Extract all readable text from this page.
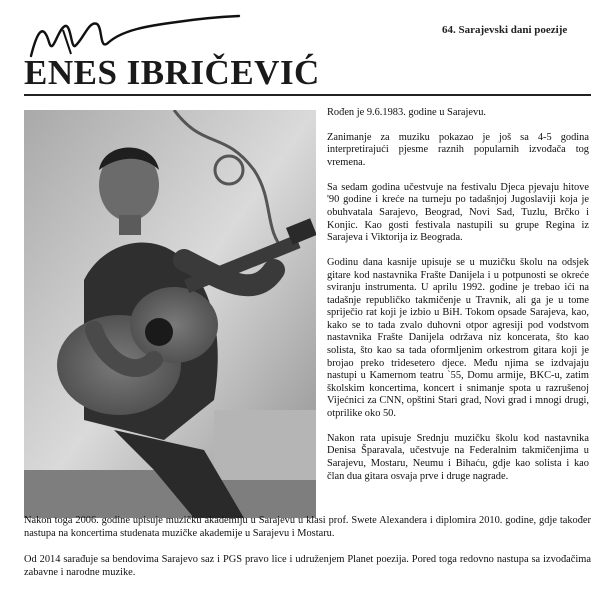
64. Sarajevski dani poezije
ENES IBRIČEVIĆ

Rođen je 9.6.1983. godine u Sarajevu.

Zanimanje za muziku pokazao je još sa 4-5 godina interpretirajući pjesme raznih popularnih izvođača tog vremena.

Sa sedam godina učestvuje na festivalu Djeca pjevaju hitove '90 godine i kreće na turneju po tadašnjoj Jugoslaviji koja je obuhvatala Sarajevo, Beograd, Novi Sad, Tuzlu, Brčko i Konjic. Kao gosti festivala nastupili su grupe Regina iz Sarajeva i Viktorija iz Beograda.

Godinu dana kasnije upisuje se u muzičku školu na odsjek gitare kod nastavnika Frašte Danijela i u potpunosti se okreće sviranju instrumenta. U aprilu 1992. godine je trebao ići na tadašnje republičko takmičenje u Travnik, ali ga je u tome spriječio rat koji je izbio u BiH. Tokom opsade Sarajeva, kao, kako se to tada zvalo duhovni otpor agresiji pod vodstvom nastavnika Frašte Danijela održava niz koncerata, što kao solista, što kao sa tada oformljenim orkestrom gitara koji je brojao preko tridesetero djece. Među njima se izdvajaju nastupi u Kamernom teatru `55, Domu armije, BKC-u, zatim školskim koncertima, koncert i snimanje spota u razrušenoj Vijećnici za CNN, opštini Stari grad, Novi grad i mnogi drugi, otprilike oko 50.

Nakon rata upisuje Srednju muzičku školu kod nastavnika Denisa Šparavala, učestvuje na Federalnim takmičenjima u Sarajevu, Mostaru, Neumu i Bihaću, gdje kao solista i kao član dua gitara osvaja prve i druge nagrade.

Nakon toga 2006. godine upisuje muzičku akademiju u Sarajevu u klasi prof. Swete Alexandera i diplomira 2010. godine, gdje također nastupa na koncertima studenata muzičke akademije u Sarajevu i Mostaru.
Od 2014 sarađuje sa bendovima Sarajevo saz i PGS pravo lice i udruženjem Planet poezija. Pored toga redovno nastupa sa izvođačima zabavne i narodne muzike.
